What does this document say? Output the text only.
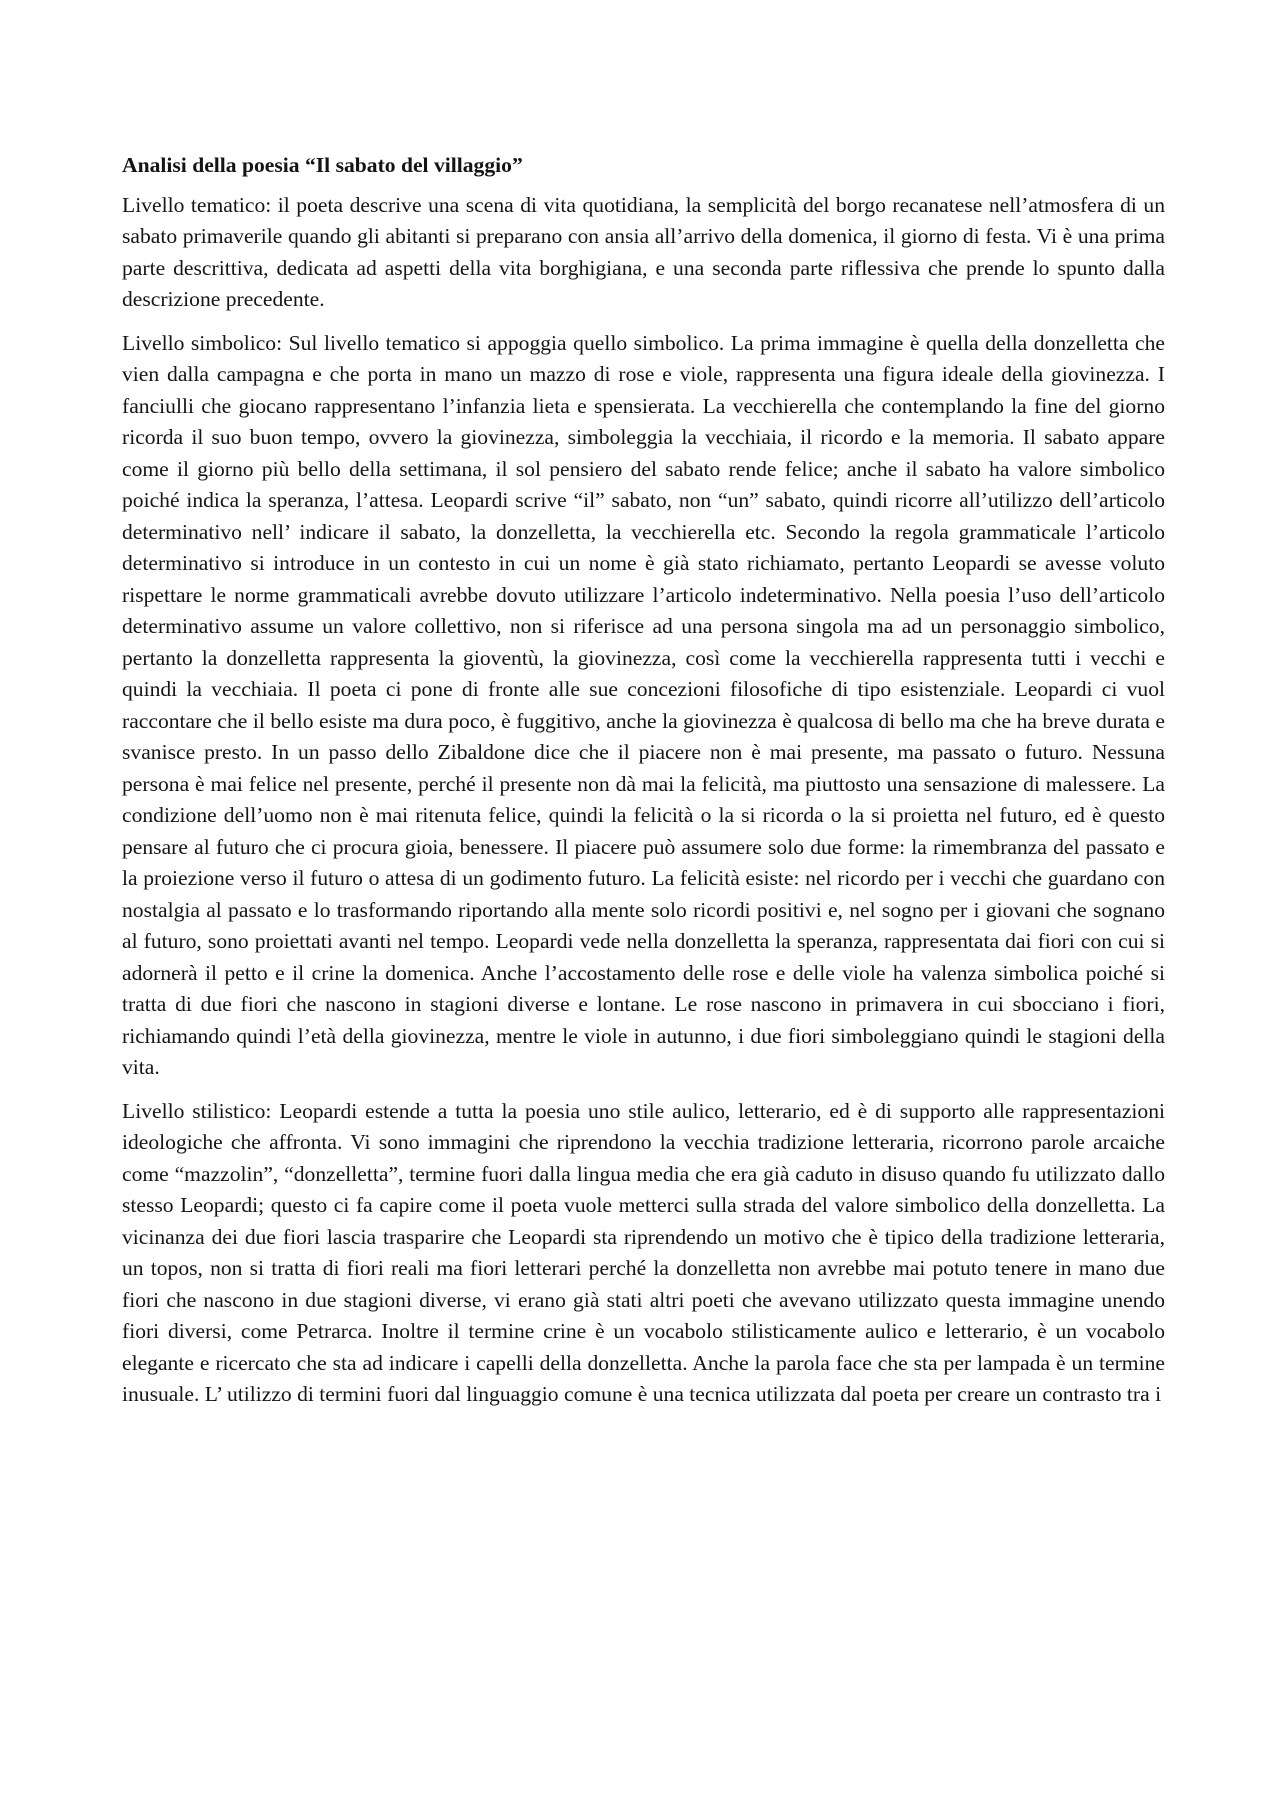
Analisi della poesia “Il sabato del villaggio”

Livello tematico: il poeta descrive una scena di vita quotidiana, la semplicità del borgo recanatese nell’atmosfera di un sabato primaverile quando gli abitanti si preparano con ansia all’arrivo della domenica, il giorno di festa. Vi è una prima parte descrittiva, dedicata ad aspetti della vita borghigiana, e una seconda parte riflessiva che prende lo spunto dalla descrizione precedente.

Livello simbolico: Sul livello tematico si appoggia quello simbolico. La prima immagine è quella della donzelletta che vien dalla campagna e che porta in mano un mazzo di rose e viole, rappresenta una figura ideale della giovinezza. I fanciulli che giocano rappresentano l’infanzia lieta e spensierata. La vecchierella che contemplando la fine del giorno ricorda il suo buon tempo, ovvero la giovinezza, simboleggia la vecchiaia, il ricordo e la memoria. Il sabato appare come il giorno più bello della settimana, il sol pensiero del sabato rende felice; anche il sabato ha valore simbolico poiché indica la speranza, l’attesa. Leopardi scrive “il” sabato, non “un” sabato, quindi ricorre all’utilizzo dell’articolo determinativo nell’ indicare il sabato, la donzelletta, la vecchierella etc. Secondo la regola grammaticale l’articolo determinativo si introduce in un contesto in cui un nome è già stato richiamato, pertanto Leopardi se avesse voluto rispettare le norme grammaticali avrebbe dovuto utilizzare l’articolo indeterminativo. Nella poesia l’uso dell’articolo determinativo assume un valore collettivo, non si riferisce ad una persona singola ma ad un personaggio simbolico, pertanto la donzelletta rappresenta la gioventù, la giovinezza, così come la vecchierella rappresenta tutti i vecchi e quindi la vecchiaia. Il poeta ci pone di fronte alle sue concezioni filosofiche di tipo esistenziale. Leopardi ci vuol raccontare che il bello esiste ma dura poco, è fuggitivo, anche la giovinezza è qualcosa di bello ma che ha breve durata e svanisce presto. In un passo dello Zibaldone dice che il piacere non è mai presente, ma passato o futuro. Nessuna persona è mai felice nel presente, perché il presente non dà mai la felicità, ma piuttosto una sensazione di malessere. La condizione dell’uomo non è mai ritenuta felice, quindi la felicità o la si ricorda o la si proietta nel futuro, ed è questo pensare al futuro che ci procura gioia, benessere. Il piacere può assumere solo due forme: la rimembranza del passato e la proiezione verso il futuro o attesa di un godimento futuro. La felicità esiste: nel ricordo per i vecchi che guardano con nostalgia al passato e lo trasformando riportando alla mente solo ricordi positivi e, nel sogno per i giovani che sognano al futuro, sono proiettati avanti nel tempo. Leopardi vede nella donzelletta la speranza, rappresentata dai fiori con cui si adornerà il petto e il crine la domenica. Anche l’accostamento delle rose e delle viole ha valenza simbolica poiché si tratta di due fiori che nascono in stagioni diverse e lontane. Le rose nascono in primavera in cui sbocciano i fiori, richiamando quindi l’età della giovinezza, mentre le viole in autunno, i due fiori simboleggiano quindi le stagioni della vita.

Livello stilistico: Leopardi estende a tutta la poesia uno stile aulico, letterario, ed è di supporto alle rappresentazioni ideologiche che affronta. Vi sono immagini che riprendono la vecchia tradizione letteraria, ricorrono parole arcaiche come “mazzolin”, “donzelletta”, termine fuori dalla lingua media che era già caduto in disuso quando fu utilizzato dallo stesso Leopardi; questo ci fa capire come il poeta vuole metterci sulla strada del valore simbolico della donzelletta. La vicinanza dei due fiori lascia trasparire che Leopardi sta riprendendo un motivo che è tipico della tradizione letteraria, un topos, non si tratta di fiori reali ma fiori letterari perché la donzelletta non avrebbe mai potuto tenere in mano due fiori che nascono in due stagioni diverse, vi erano già stati altri poeti che avevano utilizzato questa immagine unendo fiori diversi, come Petrarca. Inoltre il termine crine è un vocabolo stilisticamente aulico e letterario, è un vocabolo elegante e ricercato che sta ad indicare i capelli della donzelletta. Anche la parola face che sta per lampada è un termine inusuale. L’ utilizzo di termini fuori dal linguaggio comune è una tecnica utilizzata dal poeta per creare un contrasto tra i
